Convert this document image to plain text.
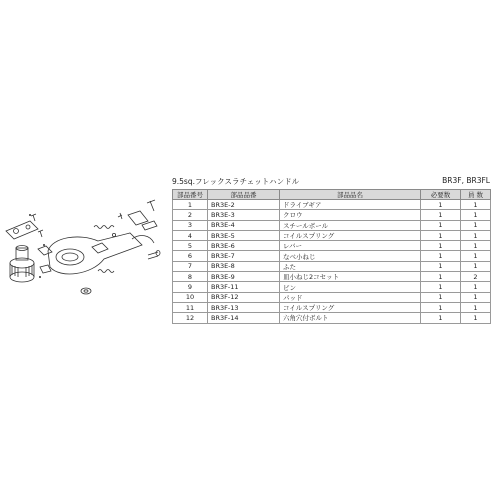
9.5sq.フレックスラチェットハンドル	BR3F, BR3FL
部品番号	部品品番	部品品名	必要数	員 数
1	BR3E-2	ドライブギア	1	1
2	BR3E-3	クロウ	1	1
3	BR3E-4	スチールボール	1	1
4	BR3E-5	コイルスプリング	1	1
5	BR3E-6	レバー	1	1
6	BR3E-7	なべ小ねじ	1	1
7	BR3E-8	ふた	1	1
8	BR3E-9	皿小ねじ2コセット	1	2
9	BR3F-11	ピン	1	1
10	BR3F-12	パッド	1	1
11	BR3F-13	コイルスプリング	1	1
12	BR3F-14	六角穴付ボルト	1	1
